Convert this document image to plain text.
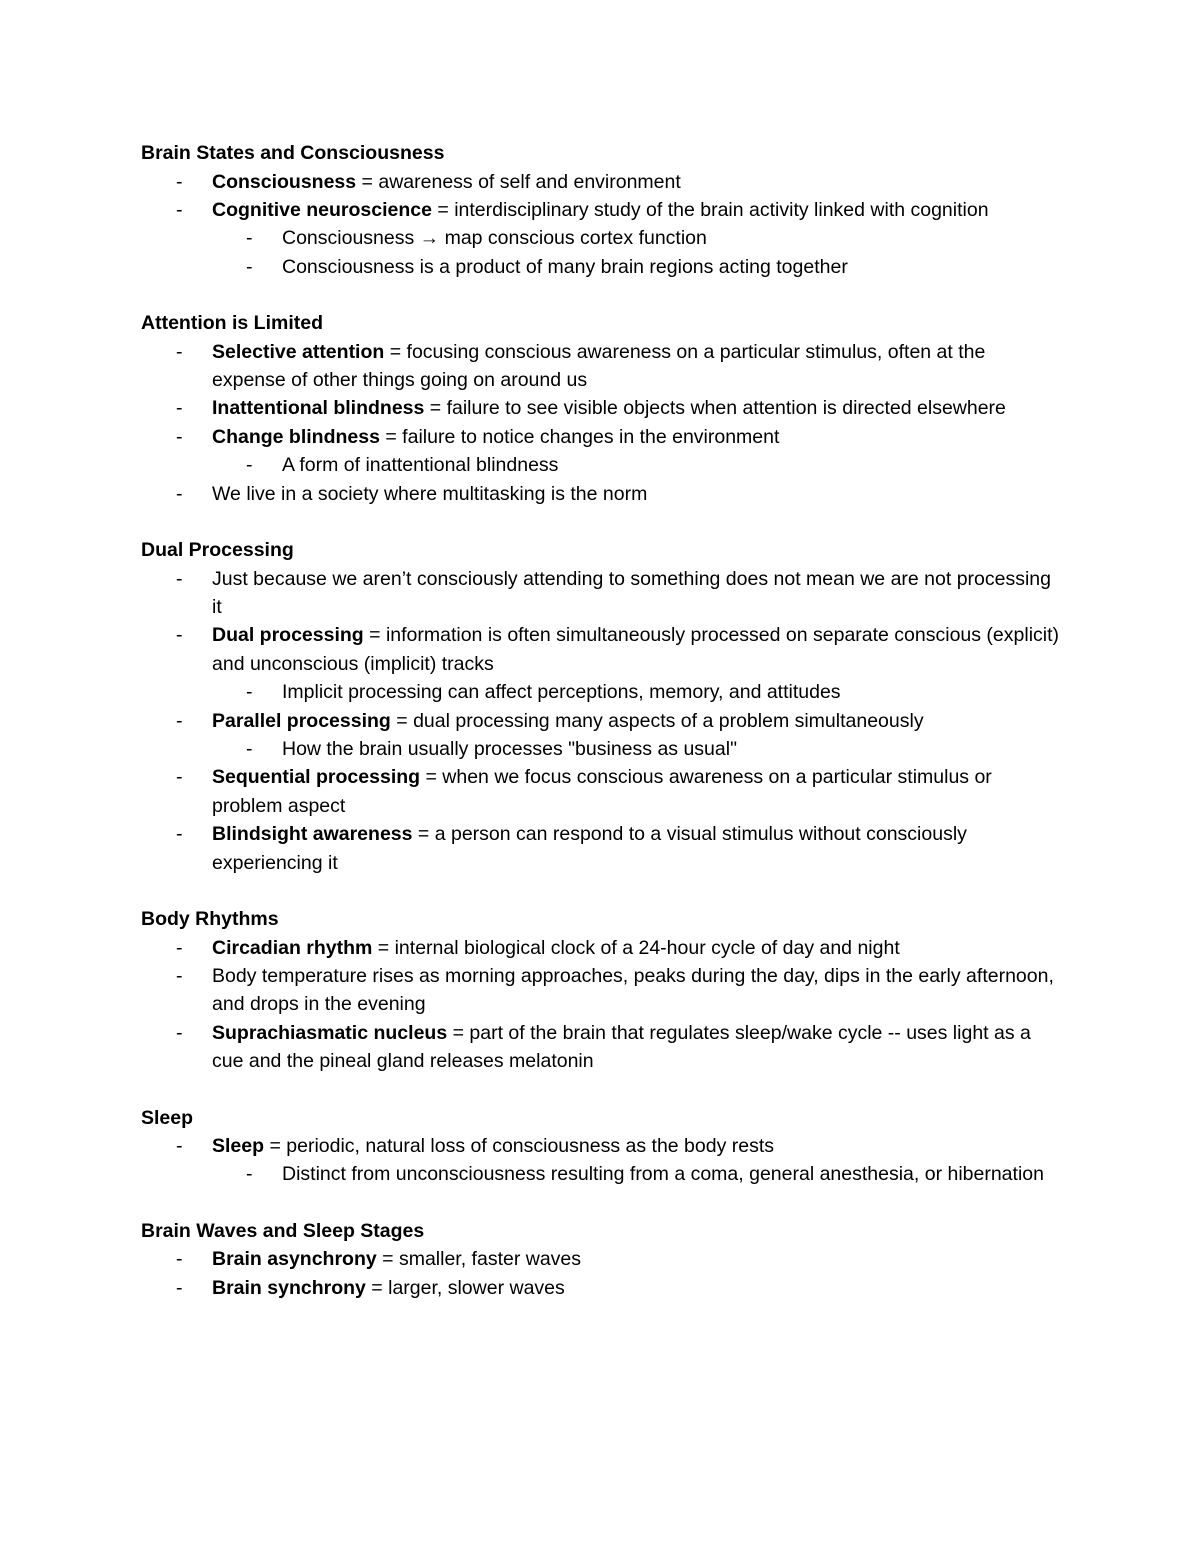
Brain States and Consciousness
- Consciousness = awareness of self and environment
- Cognitive neuroscience = interdisciplinary study of the brain activity linked with cognition
- Consciousness → map conscious cortex function
- Consciousness is a product of many brain regions acting together
Attention is Limited
- Selective attention = focusing conscious awareness on a particular stimulus, often at the expense of other things going on around us
- Inattentional blindness = failure to see visible objects when attention is directed elsewhere
- Change blindness = failure to notice changes in the environment
- A form of inattentional blindness
- We live in a society where multitasking is the norm
Dual Processing
- Just because we aren’t consciously attending to something does not mean we are not processing it
- Dual processing = information is often simultaneously processed on separate conscious (explicit) and unconscious (implicit) tracks
- Implicit processing can affect perceptions, memory, and attitudes
- Parallel processing = dual processing many aspects of a problem simultaneously
- How the brain usually processes "business as usual"
- Sequential processing = when we focus conscious awareness on a particular stimulus or problem aspect
- Blindsight awareness = a person can respond to a visual stimulus without consciously experiencing it
Body Rhythms
- Circadian rhythm = internal biological clock of a 24-hour cycle of day and night
- Body temperature rises as morning approaches, peaks during the day, dips in the early afternoon, and drops in the evening
- Suprachiasmatic nucleus = part of the brain that regulates sleep/wake cycle -- uses light as a cue and the pineal gland releases melatonin
Sleep
- Sleep = periodic, natural loss of consciousness as the body rests
- Distinct from unconsciousness resulting from a coma, general anesthesia, or hibernation
Brain Waves and Sleep Stages
- Brain asynchrony = smaller, faster waves
- Brain synchrony = larger, slower waves
